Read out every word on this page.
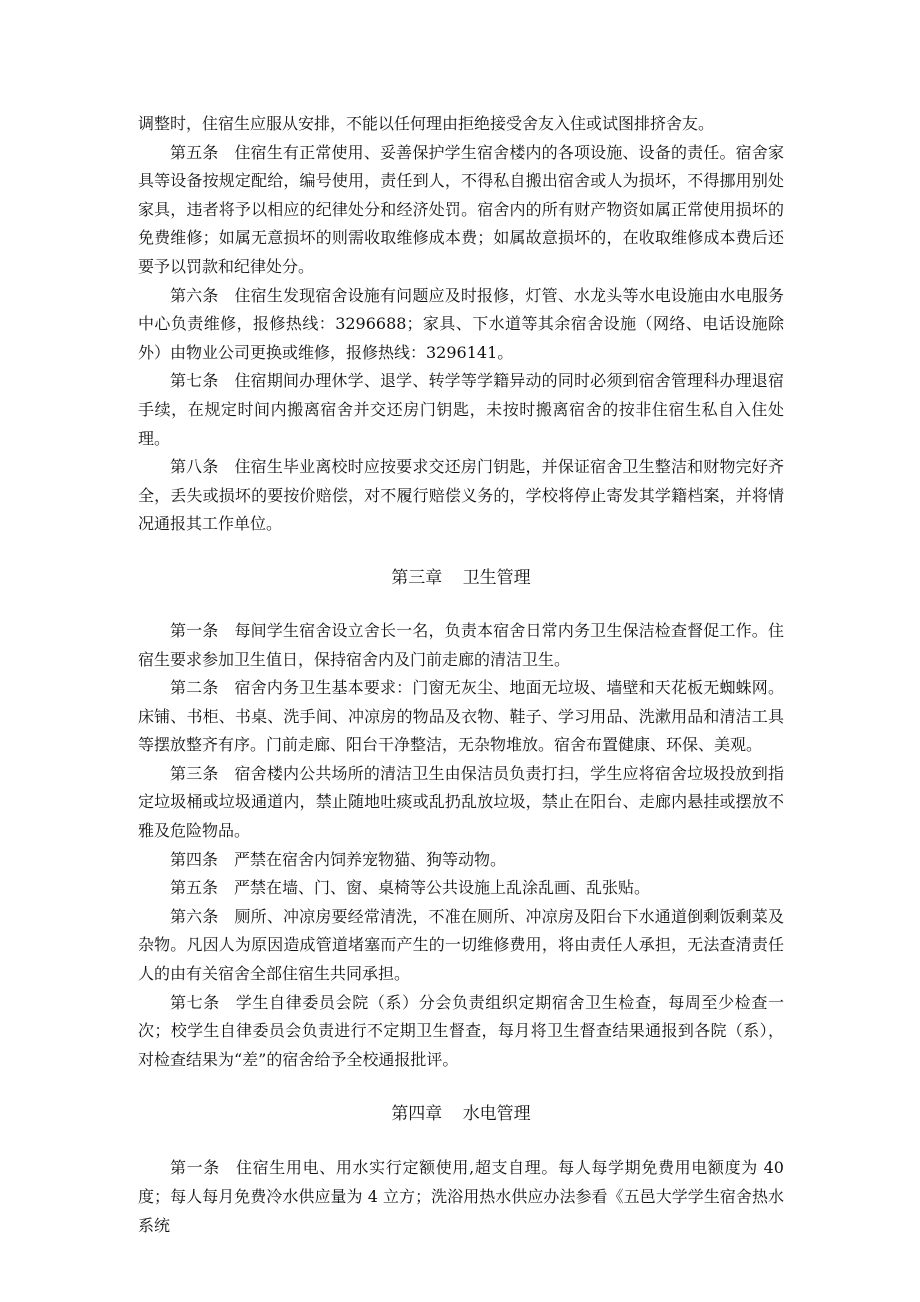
调整时，住宿生应服从安排，不能以任何理由拒绝接受舍友入住或试图排挤舍友。

第五条 住宿生有正常使用、妥善保护学生宿舍楼内的各项设施、设备的责任。宿舍家具等设备按规定配给，编号使用，责任到人，不得私自搬出宿舍或人为损坏，不得挪用别处家具，违者将予以相应的纪律处分和经济处罚。宿舍内的所有财产物资如属正常使用损坏的免费维修；如属无意损坏的则需收取维修成本费；如属故意损坏的，在收取维修成本费后还要予以罚款和纪律处分。

第六条 住宿生发现宿舍设施有问题应及时报修，灯管、水龙头等水电设施由水电服务中心负责维修，报修热线：3296688；家具、下水道等其余宿舍设施（网络、电话设施除外）由物业公司更换或维修，报修热线：3296141。

第七条 住宿期间办理休学、退学、转学等学籍异动的同时必须到宿舍管理科办理退宿手续，在规定时间内搬离宿舍并交还房门钥匙，未按时搬离宿舍的按非住宿生私自入住处理。

第八条 住宿生毕业离校时应按要求交还房门钥匙，并保证宿舍卫生整洁和财物完好齐全，丢失或损坏的要按价赔偿，对不履行赔偿义务的，学校将停止寄发其学籍档案，并将情况通报其工作单位。

第三章 卫生管理

第一条 每间学生宿舍设立舍长一名，负责本宿舍日常内务卫生保洁检查督促工作。住宿生要求参加卫生值日，保持宿舍内及门前走廊的清洁卫生。

第二条 宿舍内务卫生基本要求：门窗无灰尘、地面无垃圾、墙壁和天花板无蜘蛛网。床铺、书柜、书桌、洗手间、冲凉房的物品及衣物、鞋子、学习用品、洗漱用品和清洁工具等摆放整齐有序。门前走廊、阳台干净整洁，无杂物堆放。宿舍布置健康、环保、美观。

第三条 宿舍楼内公共场所的清洁卫生由保洁员负责打扫，学生应将宿舍垃圾投放到指定垃圾桶或垃圾通道内，禁止随地吐痰或乱扔乱放垃圾，禁止在阳台、走廊内悬挂或摆放不雅及危险物品。

第四条 严禁在宿舍内饲养宠物猫、狗等动物。

第五条 严禁在墙、门、窗、桌椅等公共设施上乱涂乱画、乱张贴。

第六条 厕所、冲凉房要经常清洗，不准在厕所、冲凉房及阳台下水通道倒剩饭剩菜及杂物。凡因人为原因造成管道堵塞而产生的一切维修费用，将由责任人承担，无法查清责任人的由有关宿舍全部住宿生共同承担。

第七条 学生自律委员会院（系）分会负责组织定期宿舍卫生检查，每周至少检查一次；校学生自律委员会负责进行不定期卫生督查，每月将卫生督查结果通报到各院（系），对检查结果为“差”的宿舍给予全校通报批评。

第四章 水电管理

第一条 住宿生用电、用水实行定额使用,超支自理。每人每学期免费用电额度为 40 度；每人每月免费冷水供应量为 4 立方；洗浴用热水供应办法参看《五邑大学学生宿舍热水系统
